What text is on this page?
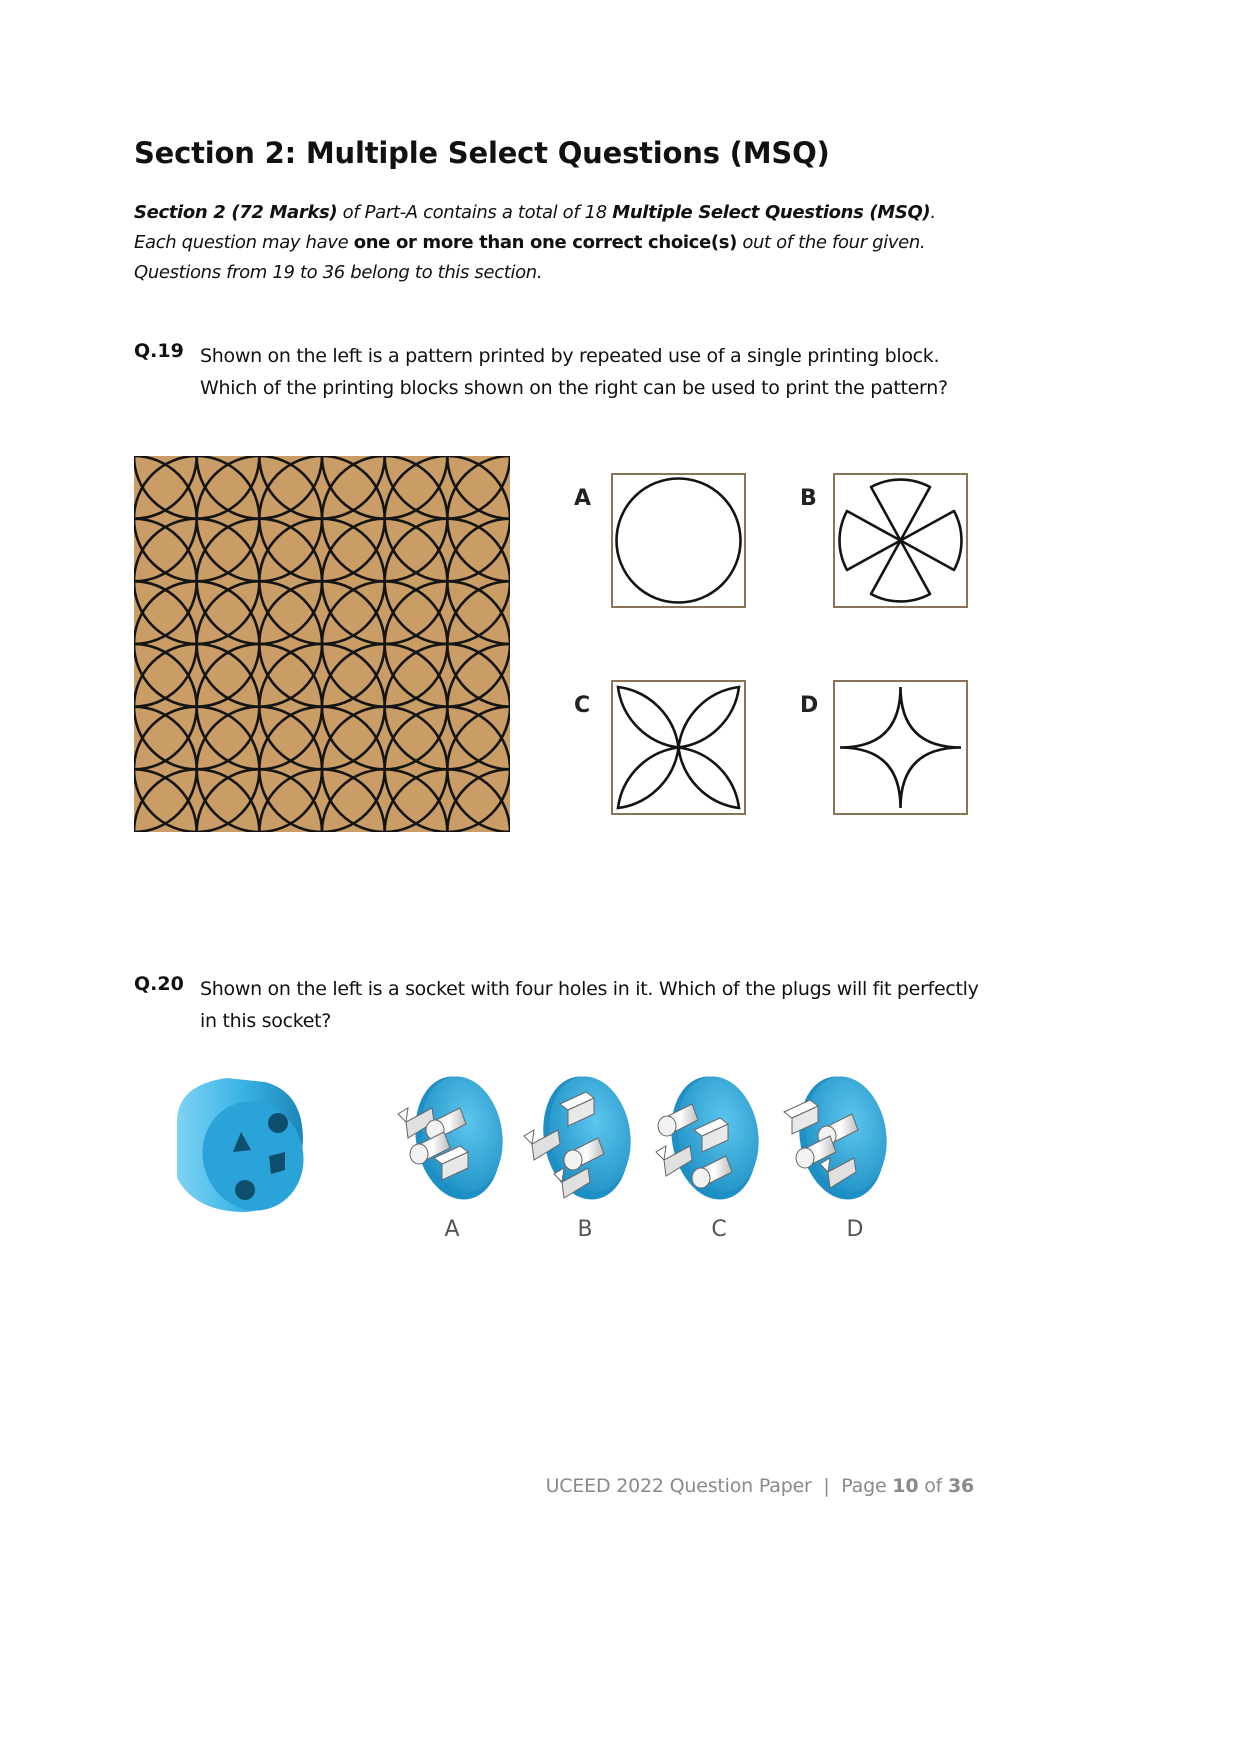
Section 2: Multiple Select Questions (MSQ)
Section 2 (72 Marks) of Part-A contains a total of 18 Multiple Select Questions (MSQ). Each question may have one or more than one correct choice(s) out of the four given. Questions from 19 to 36 belong to this section.
Q.19 Shown on the left is a pattern printed by repeated use of a single printing block. Which of the printing blocks shown on the right can be used to print the pattern?
A	B
C	D
Q.20 Shown on the left is a socket with four holes in it. Which of the plugs will fit perfectly in this socket?
A	B	C	D
UCEED 2022 Question Paper | Page 10 of 36
